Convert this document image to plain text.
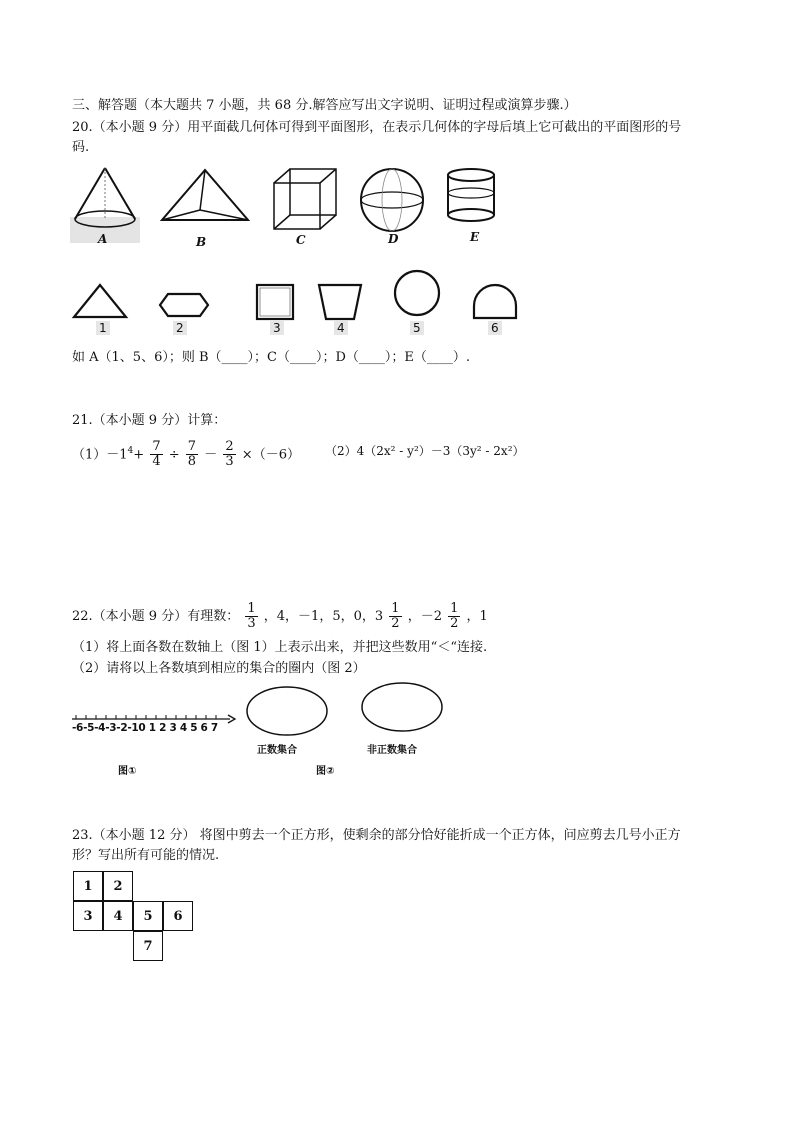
三、解答题（本大题共 7 小题，共 68 分.解答应写出文字说明、证明过程或演算步骤.）
20.（本小题 9 分）用平面截几何体可得到平面图形，在表示几何体的字母后填上它可截出的平面图形的号
码.
A	B	C	D	E
1	2	3	4	5	6
如 A（1、5、6）；则 B（____）；C（____）；D（____）；E（____）.
21.（本小题 9 分）计算：
$(1)-1^4+ \frac{7}{4} \div \frac{7}{8} - \frac{2}{3} \times(-6)$ （2）4（2x² - y²）－3（3y² - 2x²）
22.（本小题 9 分）有理数： $\frac{1}{3}$ ，4，－1，5，0，$3 \frac{1}{2}$ ，$-2 \frac{1}{2}$ ，1
（1）将上面各数在数轴上（图 1）上表示出来，并把这些数用“＜“连接.
（2）请将以上各数填到相应的集合的圈内（图 2）
-6-5-4-3-2-10 1 2 3 4 5 6 7
图①
正数集合	非正数集合
图②
23.（本小题 12 分） 将图中剪去一个正方形，使剩余的部分恰好能折成一个正方体，问应剪去几号小正方
形？写出所有可能的情况.
1	2
3	4	5	6
7
